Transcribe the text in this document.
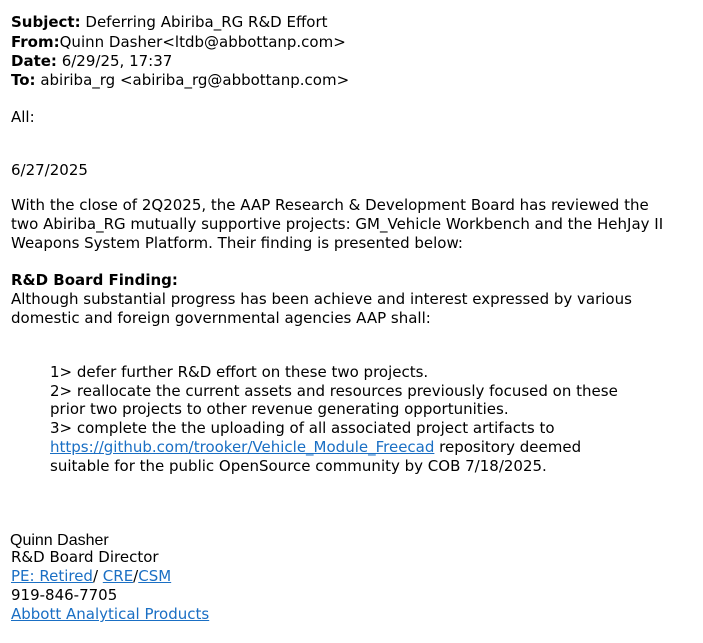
Subject: Deferring Abiriba_RG R&D Effort
From:Quinn Dasher<ltdb@abbottanp.com>
Date: 6/29/25, 17:37
To: abiriba_rg <abiriba_rg@abbottanp.com>
All:
6/27/2025
With the close of 2Q2025, the AAP Research & Development Board has reviewed the
two Abiriba_RG mutually supportive projects: GM_Vehicle Workbench and the HehJay II
Weapons System Platform. Their finding is presented below:
R&D Board Finding:
Although substantial progress has been achieve and interest expressed by various
domestic and foreign governmental agencies AAP shall:
1> defer further R&D effort on these two projects.
2> reallocate the current assets and resources previously focused on these
prior two projects to other revenue generating opportunities.
3> complete the the uploading of all associated project artifacts to
https://github.com/trooker/Vehicle_Module_Freecad repository deemed
suitable for the public OpenSource community by COB 7/18/2025.
Quinn Dasher
R&D Board Director
PE: Retired/ CRE/CSM
919-846-7705
Abbott Analytical Products
